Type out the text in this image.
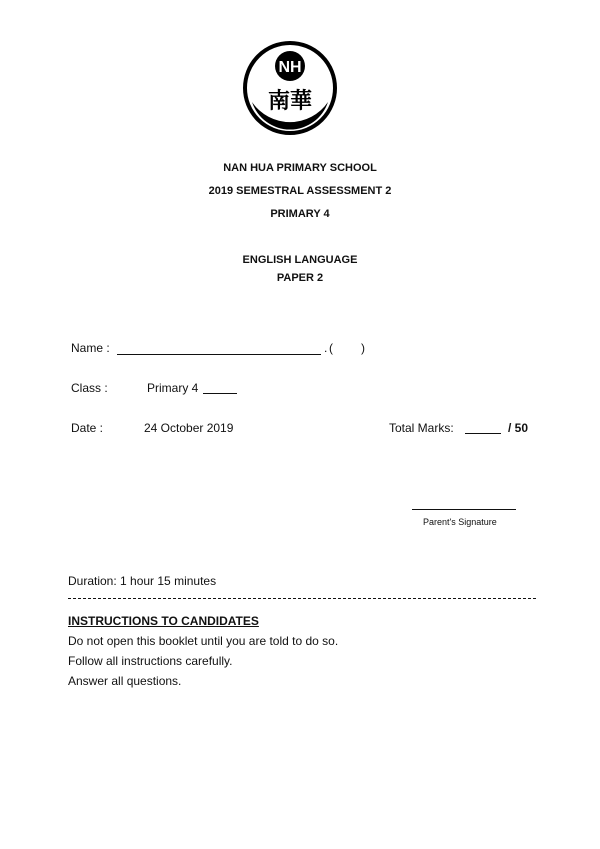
NH
南華
NAN HUA PRIMARY SCHOOL
2019 SEMESTRAL ASSESSMENT 2
PRIMARY 4
ENGLISH LANGUAGE
PAPER 2
Name :	. ( )
Class :	Primary 4
Date :	24 October 2019	Total Marks:	/ 50
Parent's Signature
Duration: 1 hour 15 minutes
INSTRUCTIONS TO CANDIDATES
Do not open this booklet until you are told to do so.
Follow all instructions carefully.
Answer all questions.
